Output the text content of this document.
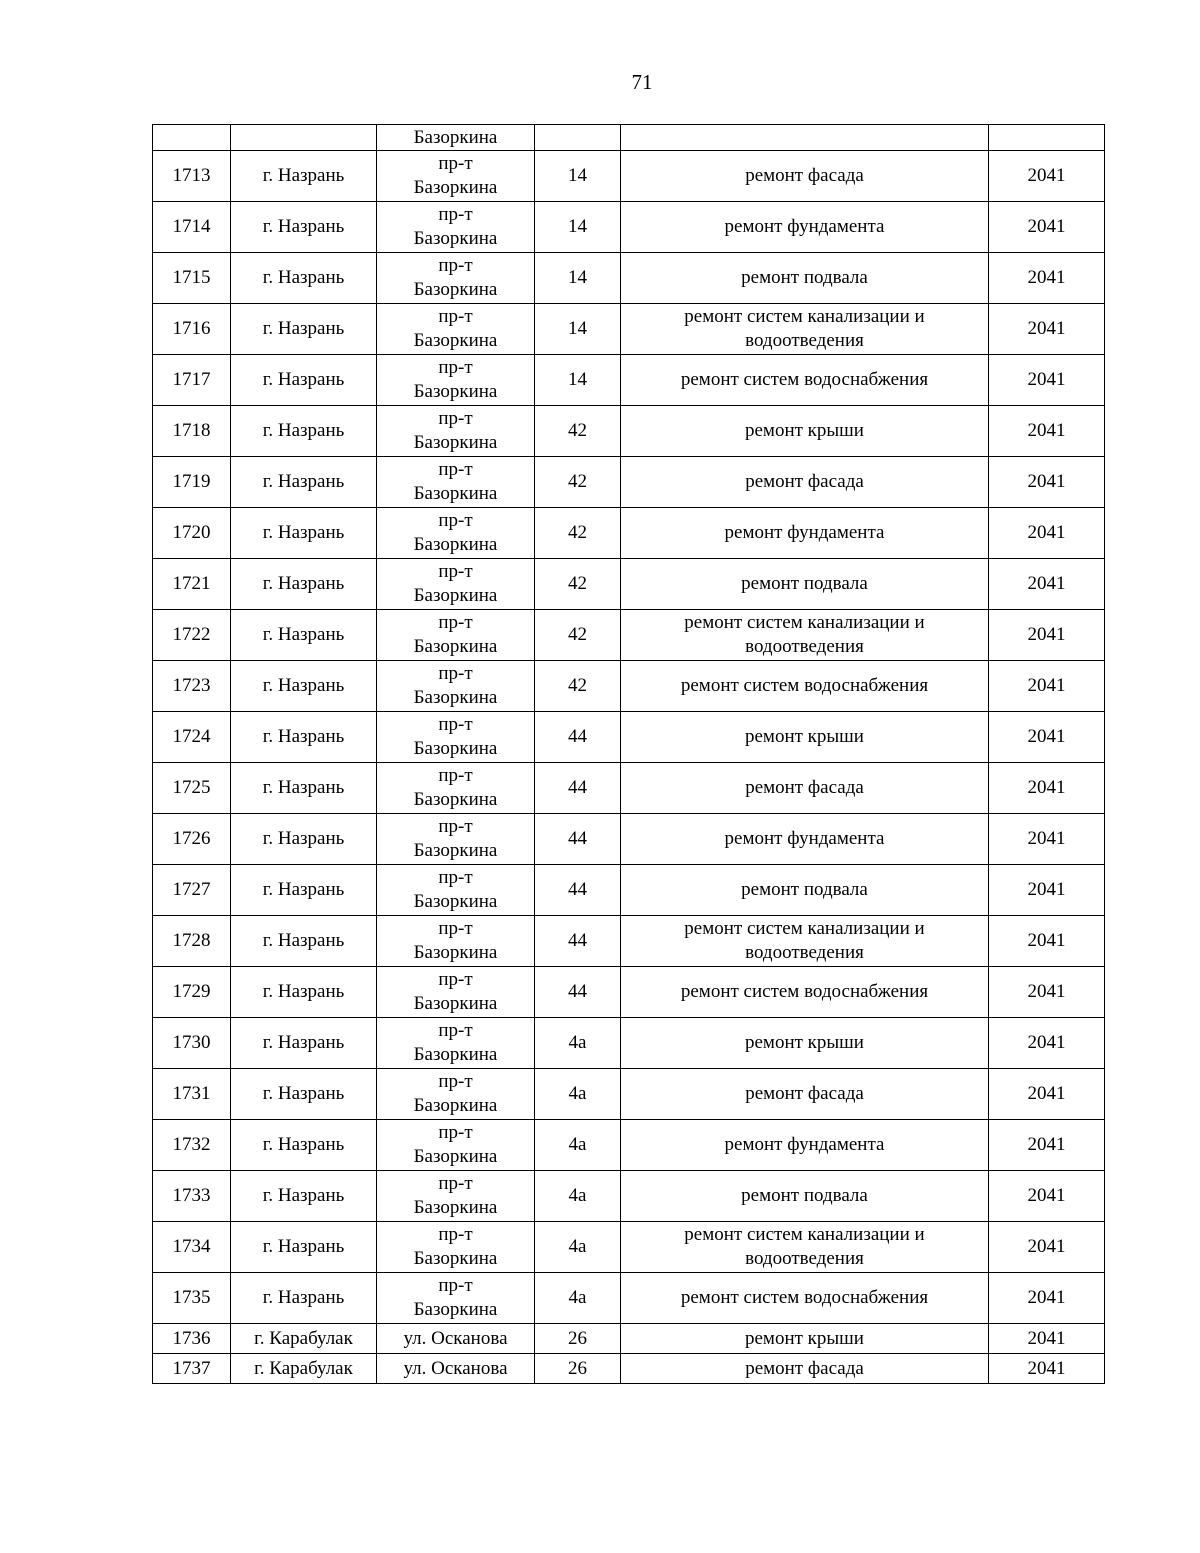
71
		Базоркина			
1713	г. Назрань	пр-т
Базоркина	14	ремонт фасада	2041
1714	г. Назрань	пр-т
Базоркина	14	ремонт фундамента	2041
1715	г. Назрань	пр-т
Базоркина	14	ремонт подвала	2041
1716	г. Назрань	пр-т
Базоркина	14	ремонт систем канализации и
водоотведения	2041
1717	г. Назрань	пр-т
Базоркина	14	ремонт систем водоснабжения	2041
1718	г. Назрань	пр-т
Базоркина	42	ремонт крыши	2041
1719	г. Назрань	пр-т
Базоркина	42	ремонт фасада	2041
1720	г. Назрань	пр-т
Базоркина	42	ремонт фундамента	2041
1721	г. Назрань	пр-т
Базоркина	42	ремонт подвала	2041
1722	г. Назрань	пр-т
Базоркина	42	ремонт систем канализации и
водоотведения	2041
1723	г. Назрань	пр-т
Базоркина	42	ремонт систем водоснабжения	2041
1724	г. Назрань	пр-т
Базоркина	44	ремонт крыши	2041
1725	г. Назрань	пр-т
Базоркина	44	ремонт фасада	2041
1726	г. Назрань	пр-т
Базоркина	44	ремонт фундамента	2041
1727	г. Назрань	пр-т
Базоркина	44	ремонт подвала	2041
1728	г. Назрань	пр-т
Базоркина	44	ремонт систем канализации и
водоотведения	2041
1729	г. Назрань	пр-т
Базоркина	44	ремонт систем водоснабжения	2041
1730	г. Назрань	пр-т
Базоркина	4а	ремонт крыши	2041
1731	г. Назрань	пр-т
Базоркина	4а	ремонт фасада	2041
1732	г. Назрань	пр-т
Базоркина	4а	ремонт фундамента	2041
1733	г. Назрань	пр-т
Базоркина	4а	ремонт подвала	2041
1734	г. Назрань	пр-т
Базоркина	4а	ремонт систем канализации и
водоотведения	2041
1735	г. Назрань	пр-т
Базоркина	4а	ремонт систем водоснабжения	2041
1736	г. Карабулак	ул. Осканова	26	ремонт крыши	2041
1737	г. Карабулак	ул. Осканова	26	ремонт фасада	2041
